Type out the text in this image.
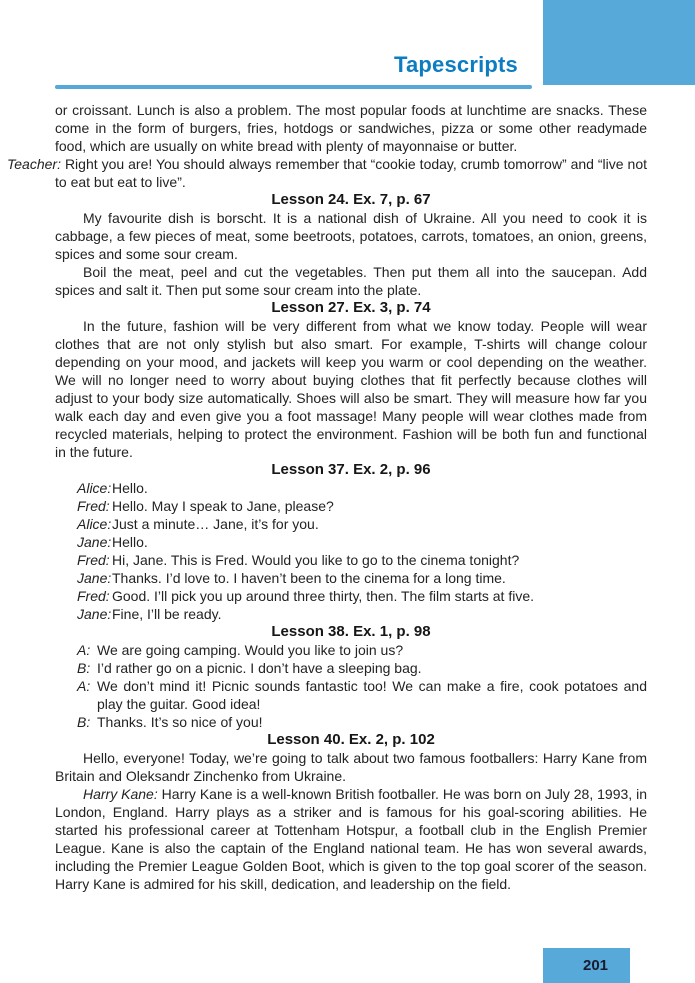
Tapescripts

or croissant. Lunch is also a problem. The most popular foods at lunchtime are snacks. These come in the form of burgers, fries, hotdogs or sandwiches, pizza or some other readymade food, which are usually on white bread with plenty of mayonnaise or butter.

Teacher: Right you are! You should always remember that “cookie today, crumb tomorrow” and “live not to eat but eat to live”.

Lesson 24. Ex. 7, p. 67

My favourite dish is borscht. It is a national dish of Ukraine. All you need to cook it is cabbage, a few pieces of meat, some beetroots, potatoes, carrots, tomatoes, an onion, greens, spices and some sour cream.

Boil the meat, peel and cut the vegetables. Then put them all into the saucepan. Add spices and salt it. Then put some sour cream into the plate.

Lesson 27. Ex. 3, p. 74

In the future, fashion will be very different from what we know today. People will wear clothes that are not only stylish but also smart. For example, T-shirts will change colour depending on your mood, and jackets will keep you warm or cool depending on the weather. We will no longer need to worry about buying clothes that fit perfectly because clothes will adjust to your body size automatically. Shoes will also be smart. They will measure how far you walk each day and even give you a foot massage! Many people will wear clothes made from recycled materials, helping to protect the environment. Fashion will be both fun and functional in the future.

Lesson 37. Ex. 2, p. 96

Alice: Hello.
Fred: Hello. May I speak to Jane, please?
Alice: Just a minute… Jane, it’s for you.
Jane: Hello.
Fred: Hi, Jane. This is Fred. Would you like to go to the cinema tonight?
Jane: Thanks. I’d love to. I haven’t been to the cinema for a long time.
Fred: Good. I’ll pick you up around three thirty, then. The film starts at five.
Jane: Fine, I’ll be ready.

Lesson 38. Ex. 1, p. 98

A: We are going camping. Would you like to join us?
B: I’d rather go on a picnic. I don’t have a sleeping bag.
A: We don’t mind it! Picnic sounds fantastic too! We can make a fire, cook potatoes and play the guitar. Good idea!
B: Thanks. It’s so nice of you!

Lesson 40. Ex. 2, p. 102

Hello, everyone! Today, we’re going to talk about two famous footballers: Harry Kane from Britain and Oleksandr Zinchenko from Ukraine.

Harry Kane: Harry Kane is a well-known British footballer. He was born on July 28, 1993, in London, England. Harry plays as a striker and is famous for his goal-scoring abilities. He started his professional career at Tottenham Hotspur, a football club in the English Premier League. Kane is also the captain of the England national team. He has won several awards, including the Premier League Golden Boot, which is given to the top goal scorer of the season. Harry Kane is admired for his skill, dedication, and leadership on the field.

201
